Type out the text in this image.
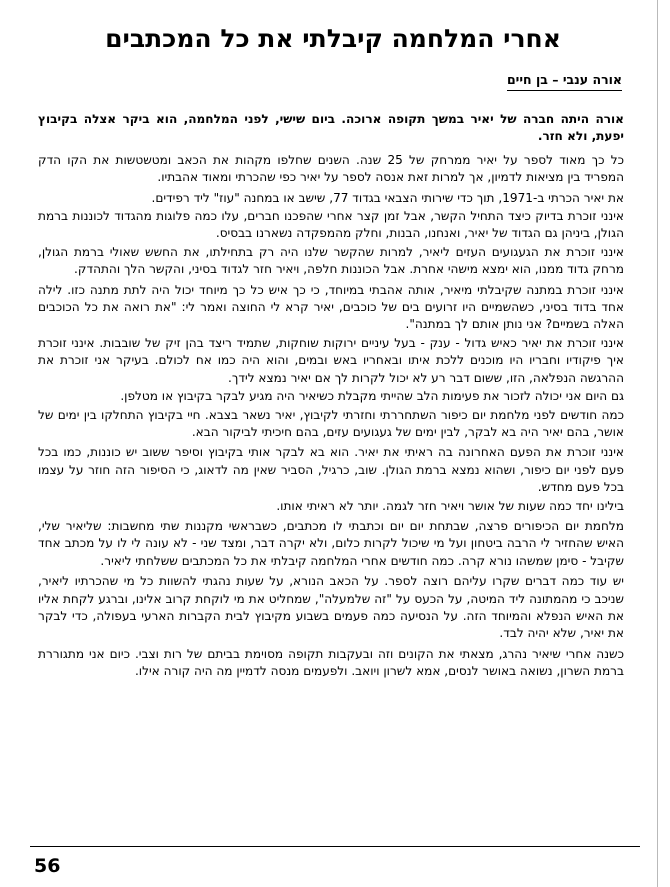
אחרי המלחמה קיבלתי את כל המכתבים
אורה ענבי – בן חיים

אורה היתה חברה של יאיר במשך תקופה ארוכה. ביום שישי, לפני המלחמה, הוא ביקר אצלה בקיבוץ יפעת, ולא חזר.

כל כך מאוד לספר על יאיר ממרחק של 25 שנה. השנים שחלפו מקהות את הכאב ומטשטשות את הקו הדק המפריד בין מציאות לדמיון, אך למרות זאת אנסה לספר על יאיר כפי שהכרתי ומאוד אהבתיו.

את יאיר הכרתי ב-1971, תוך כדי שירותי הצבאי בגדוד 77, שישב או במחנה "עוז" ליד רפידים.

אינני זוכרת בדיוק כיצד התחיל הקשר, אבל זמן קצר אחרי שהפכנו חברים, עלו כמה פלוגות מהגדוד לכוננות ברמת הגולן, ביניהן גם הגדוד של יאיר, ואנחנו, הבנות, וחלק מהמפקדה נשארנו בבסיס.

אינני זוכרת את הגעגועים העזים ליאיר, למרות שהקשר שלנו היה רק בתחילתו, את החשש שאולי ברמת הגולן, מרחק גדוד ממנו, הוא ימצא מישהי אחרת. אבל הכוננות חלפה, ויאיר חזר לגדוד בסיני, והקשר הלך והתהדק.

אינני זוכרת במתנה שקיבלתי מיאיר, אותה אהבתי במיוחד, כי כך איש כל כך מיוחד יכול היה לתת מתנה כזו. לילה אחד בדוד בסיני, כשהשמיים היו זרועים בים של כוכבים, יאיר קרא לי החוצה ואמר לי: "את רואה את כל הכוכבים האלה בשמיים? אני נותן אותם לך במתנה".

אינני זוכרת את יאיר כאיש גדול - ענק - בעל עיניים ירוקות שוחקות, שתמיד ריצד בהן זיק של שובבות. אינני זוכרת איך פיקודיו וחבריו היו מוכנים ללכת איתו ובאחריו באש ובמים, והוא היה כמו אח לכולם. בעיקר אני זוכרת את ההרגשה הנפלאה, הזו, ששום דבר רע לא יכול לקרות לך אם יאיר נמצא לידך.

גם היום אני יכולה לזכור את פעימות הלב שהייתי מקבלת כשיאיר היה מגיע לבקר בקיבוץ או מטלפן.

כמה חודשים לפני מלחמת יום כיפור השתחררתי וחזרתי לקיבוץ, יאיר נשאר בצבא. חיי בקיבוץ התחלקו בין ימים של אושר, בהם יאיר היה בא לבקר, לבין ימים של געגועים עזים, בהם חיכיתי לביקור הבא.

אינני זוכרת את הפעם האחרונה בה ראיתי את יאיר. הוא בא לבקר אותי בקיבוץ וסיפר ששוב יש כוננות, כמו בכל פעם לפני יום כיפור, ושהוא נמצא ברמת הגולן. שוב, כרגיל, הסביר שאין מה לדאוג, כי הסיפור הזה חוזר על עצמו בכל פעם מחדש.

בילינו יחד כמה שעות של אושר ויאיר חזר לגמה. יותר לא ראיתי אותו.

מלחמת יום הכיפורים פרצה, שבתחת יום יום וכתבתי לו מכתבים, כשבראשי מקננות שתי מחשבות: שליאיר שלי, האיש שהחזיר לי הרבה ביטחון ועל מי שיכול לקרות כלום, ולא יקרה דבר, ומצד שני - לא עונה לי לו על מכתב אחד שקיבל - סימן שמשהו נורא קרה. כמה חודשים אחרי המלחמה קיבלתי את כל המכתבים ששלחתי ליאיר.

יש עוד כמה דברים שקרו עליהם רוצה לספר. על הכאב הנורא, על שעות נהגתי להשוות כל מי שהכרתיו ליאיר, שניכב כי מהמתונה ליד המיטה, על הכעס על "זה שלמעלה", שמחליט את מי לוקחת קרוב אלינו, וברגע לקחת אליו את האיש הנפלא והמיוחד הזה. על הנסיעה כמה פעמים בשבוע מקיבוץ לבית הקברות הארעי בעפולה, כדי לבקר את יאיר, שלא יהיה לבד.

כשנה אחרי שיאיר נהרג, מצאתי את הקונים וזה ובעקבות תקופה מסוימת בביתם של רות וצבי. כיום אני מתגוררת ברמת השרון, נשואה באושר לנסים, אמא לשרון ויואב. ולפעמים מנסה לדמיין מה היה קורה אילו.

56
